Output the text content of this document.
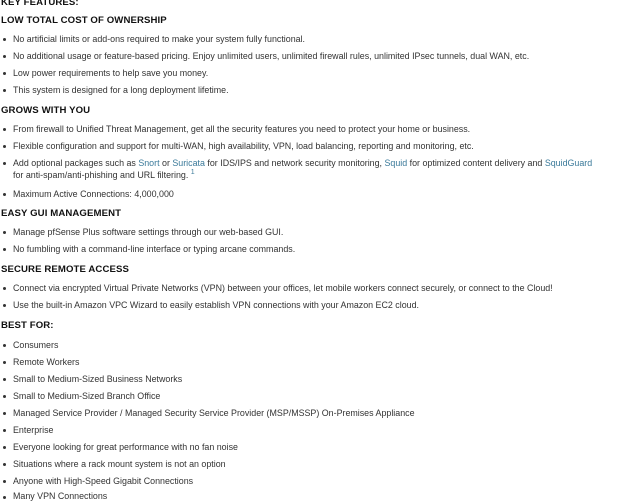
KEY FEATURES:
LOW TOTAL COST OF OWNERSHIP
No artificial limits or add-ons required to make your system fully functional.
No additional usage or feature-based pricing. Enjoy unlimited users, unlimited firewall rules, unlimited IPsec tunnels, dual WAN, etc.
Low power requirements to help save you money.
This system is designed for a long deployment lifetime.
GROWS WITH YOU
From firewall to Unified Threat Management, get all the security features you need to protect your home or business.
Flexible configuration and support for multi-WAN, high availability, VPN, load balancing, reporting and monitoring, etc.
Add optional packages such as Snort or Suricata for IDS/IPS and network security monitoring, Squid for optimized content delivery and SquidGuard
for anti-spam/anti-phishing and URL filtering. $^1$
Maximum Active Connections: 4,000,000
EASY GUI MANAGEMENT
Manage pfSense Plus software settings through our web-based GUI.
No fumbling with a command-line interface or typing arcane commands.
SECURE REMOTE ACCESS
Connect via encrypted Virtual Private Networks (VPN) between your offices, let mobile workers connect securely, or connect to the Cloud!
Use the built-in Amazon VPC Wizard to easily establish VPN connections with your Amazon EC2 cloud.
BEST FOR:
Consumers
Remote Workers
Small to Medium-Sized Business Networks
Small to Medium-Sized Branch Office
Managed Service Provider / Managed Security Service Provider (MSP/MSSP) On-Premises Appliance
Enterprise
Everyone looking for great performance with no fan noise
Situations where a rack mount system is not an option
Anyone with High-Speed Gigabit Connections
Many VPN Connections
